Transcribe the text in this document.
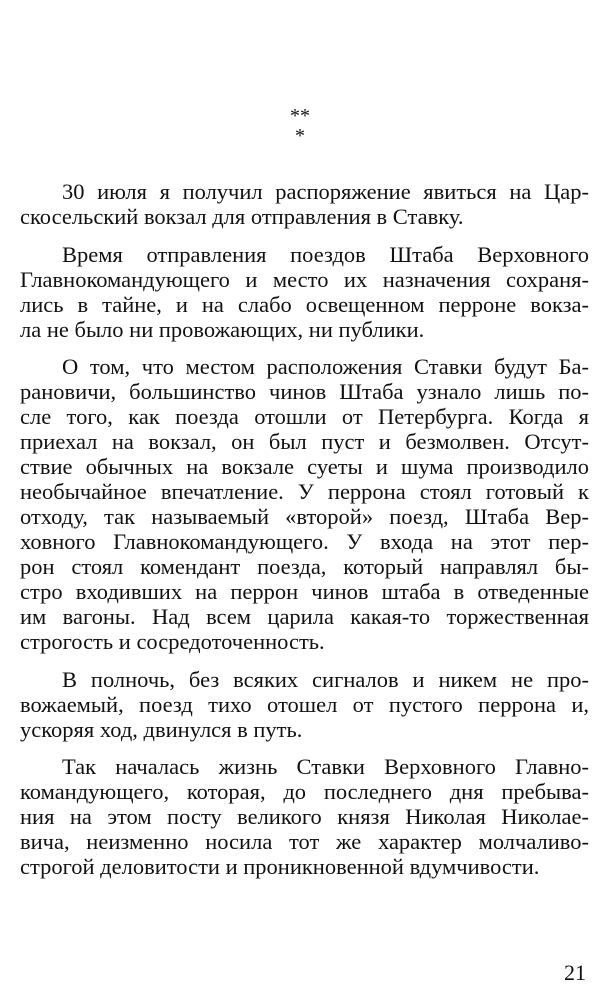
**
*
30 июля я получил распоряжение явиться на Цар-
скосельский вокзал для отправления в Ставку.
Время отправления поездов Штаба Верховного
Главнокомандующего и место их назначения сохраня-
лись в тайне, и на слабо освещенном перроне вокза-
ла не было ни провожающих, ни публики.
О том, что местом расположения Ставки будут Ба-
рановичи, большинство чинов Штаба узнало лишь по-
сле того, как поезда отошли от Петербурга. Когда я
приехал на вокзал, он был пуст и безмолвен. Отсут-
ствие обычных на вокзале суеты и шума производило
необычайное впечатление. У перрона стоял готовый к
отходу, так называемый «второй» поезд, Штаба Вер-
ховного Главнокомандующего. У входа на этот пер-
рон стоял комендант поезда, который направлял бы-
стро входивших на перрон чинов штаба в отведенные
им вагоны. Над всем царила какая-то торжественная
строгость и сосредоточенность.
В полночь, без всяких сигналов и никем не про-
вожаемый, поезд тихо отошел от пустого перрона и,
ускоряя ход, двинулся в путь.
Так началась жизнь Ставки Верховного Главно-
командующего, которая, до последнего дня пребыва-
ния на этом посту великого князя Николая Николае-
вича, неизменно носила тот же характер молчаливо-
строгой деловитости и проникновенной вдумчивости.
21
